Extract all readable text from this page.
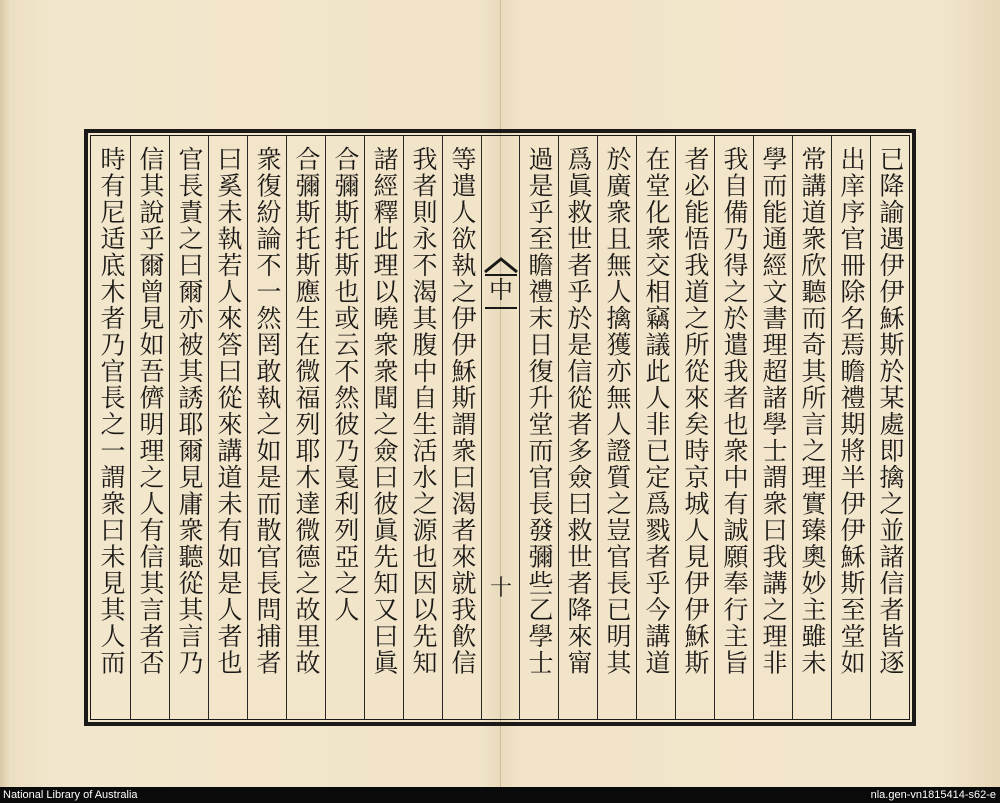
已降諭遇伊伊穌斯於某處即擒之並諸信者皆逐
出庠序官冊除名焉瞻禮期將半伊伊穌斯至堂如
常講道衆欣聽而奇其所言之理實臻奧妙主雖未
學而能通經文書理超諸學士謂衆曰我講之理非
我自備乃得之於遣我者也衆中有誠願奉行主旨
者必能悟我道之所從來矣時京城人見伊伊穌斯
在堂化衆交相竊議此人非已定爲戮者乎今講道
於廣衆且無人擒獲亦無人證質之豈官長已明其
爲眞救世者乎於是信從者多僉曰救世者降來甯
過是乎至瞻禮末日復升堂而官長發彌些乙學士
中
十
等遣人欲執之伊伊穌斯謂衆曰渴者來就我飮信
我者則永不渴其腹中自生活水之源也因以先知
諸經釋此理以曉衆衆聞之僉曰彼眞先知又曰眞
合彌斯托斯也或云不然彼乃戛利列亞之人
合彌斯托斯應生在微福列耶木達微德之故里故
衆復紛論不一然罔敢執之如是而散官長問捕者
曰奚未執若人來答曰從來講道未有如是人者也
官長責之曰爾亦被其誘耶爾見庸衆聽從其言乃
信其說乎爾曾見如吾儕明理之人有信其言者否
時有尼适底木者乃官長之一謂衆曰未見其人而
National Library of Australia	nla.gen-vn1815414-s62-e
